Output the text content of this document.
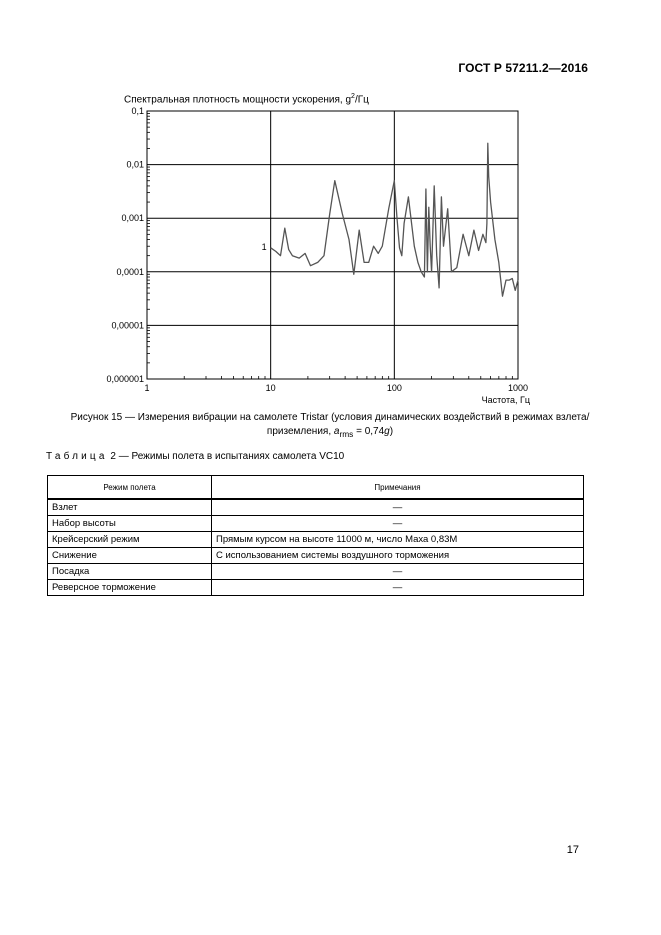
ГОСТ Р 57211.2—2016
Спектральная плотность мощности ускорения, $g^2/Гц$
0,1
0,01
0,001
0,0001
0,00001
0,000001
1	10	100	1000
1
Частота, Гц
Рисунок 15 — Измерения вибрации на самолете Tristar (условия динамических воздействий в режимах взлета/
приземления, $a_{rms} = 0,74g$)
Таблица 2 — Режимы полета в испытаниях самолета VC10
Режим полета	Примечания
Взлет	—
Набор высоты	—
Крейсерский режим	Прямым курсом на высоте 11000 м, число Маха 0,83М
Снижение	С использованием системы воздушного торможения
Посадка	—
Реверсное торможение	—
17
